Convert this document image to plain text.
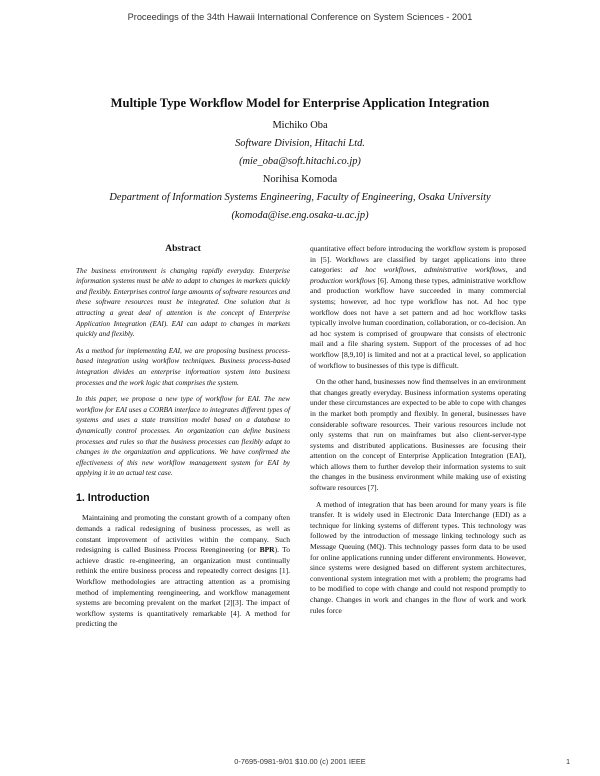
Proceedings of the 34th Hawaii International Conference on System Sciences - 2001
Multiple Type Workflow Model for Enterprise Application Integration
Michiko Oba
Software Division, Hitachi Ltd.
(mie_oba@soft.hitachi.co.jp)
Norihisa Komoda
Department of Information Systems Engineering, Faculty of Engineering, Osaka University
(komoda@ise.eng.osaka-u.ac.jp)
Abstract

The business environment is changing rapidly everyday. Enterprise information systems must be able to adapt to changes in markets quickly and flexibly. Enterprises control large amounts of software resources and these software resources must be integrated. One solution that is attracting a great deal of attention is the concept of Enterprise Application Integration (EAI). EAI can adapt to changes in markets quickly and flexibly.

As a method for implementing EAI, we are proposing business process-based integration using workflow techniques. Business process-based integration divides an enterprise information system into business processes and the work logic that comprises the system.

In this paper, we propose a new type of workflow for EAI. The new workflow for EAI uses a CORBA interface to integrates different types of systems and uses a state transition model based on a database to dynamically control processes. An organization can define business processes and rules so that the business processes can flexibly adapt to changes in the organization and applications. We have confirmed the effectiveness of this new workflow management system for EAI by applying it in an actual test case.

1. Introduction

Maintaining and promoting the constant growth of a company often demands a radical redesigning of business processes, as well as constant improvement of activities within the company. Such redesigning is called Business Process Reengineering (or BPR). To achieve drastic re-engineering, an organization must continually rethink the entire business process and repeatedly correct designs [1]. Workflow methodologies are attracting attention as a promising method of implementing reengineering, and workflow management systems are becoming prevalent on the market [2][3]. The impact of workflow systems is quantitatively remarkable [4]. A method for predicting the

quantitative effect before introducing the workflow system is proposed in [5]. Workflows are classified by target applications into three categories: ad hoc workflows, administrative workflows, and production workflows [6]. Among these types, administrative workflow and production workflow have succeeded in many commercial systems; however, ad hoc type workflow has not. Ad hoc type workflow does not have a set pattern and ad hoc workflow tasks typically involve human coordination, collaboration, or co-decision. An ad hoc system is comprised of groupware that consists of electronic mail and a file sharing system. Support of the processes of ad hoc workflow [8,9,10] is limited and not at a practical level, so application of workflow to businesses of this type is difficult.

On the other hand, businesses now find themselves in an environment that changes greatly everyday. Business information systems operating under these circumstances are expected to be able to cope with changes in the market both promptly and flexibly. In general, businesses have considerable software resources. Their various resources include not only systems that run on mainframes but also client-server-type systems and distributed applications. Businesses are focusing their attention on the concept of Enterprise Application Integration (EAI), which allows them to further develop their information systems to suit the changes in the business environment while making use of existing software resources [7].

A method of integration that has been around for many years is file transfer. It is widely used in Electronic Data Interchange (EDI) as a technique for linking systems of different types. This technology was followed by the introduction of message linking technology such as Message Queuing (MQ). This technology passes form data to be used for online applications running under different environments. However, since systems were designed based on different system architectures, conventional system integration met with a problem; the programs had to be modified to cope with change and could not respond promptly to change. Changes in work and changes in the flow of work and work rules force

0-7695-0981-9/01 $10.00 (c) 2001 IEEE	1
